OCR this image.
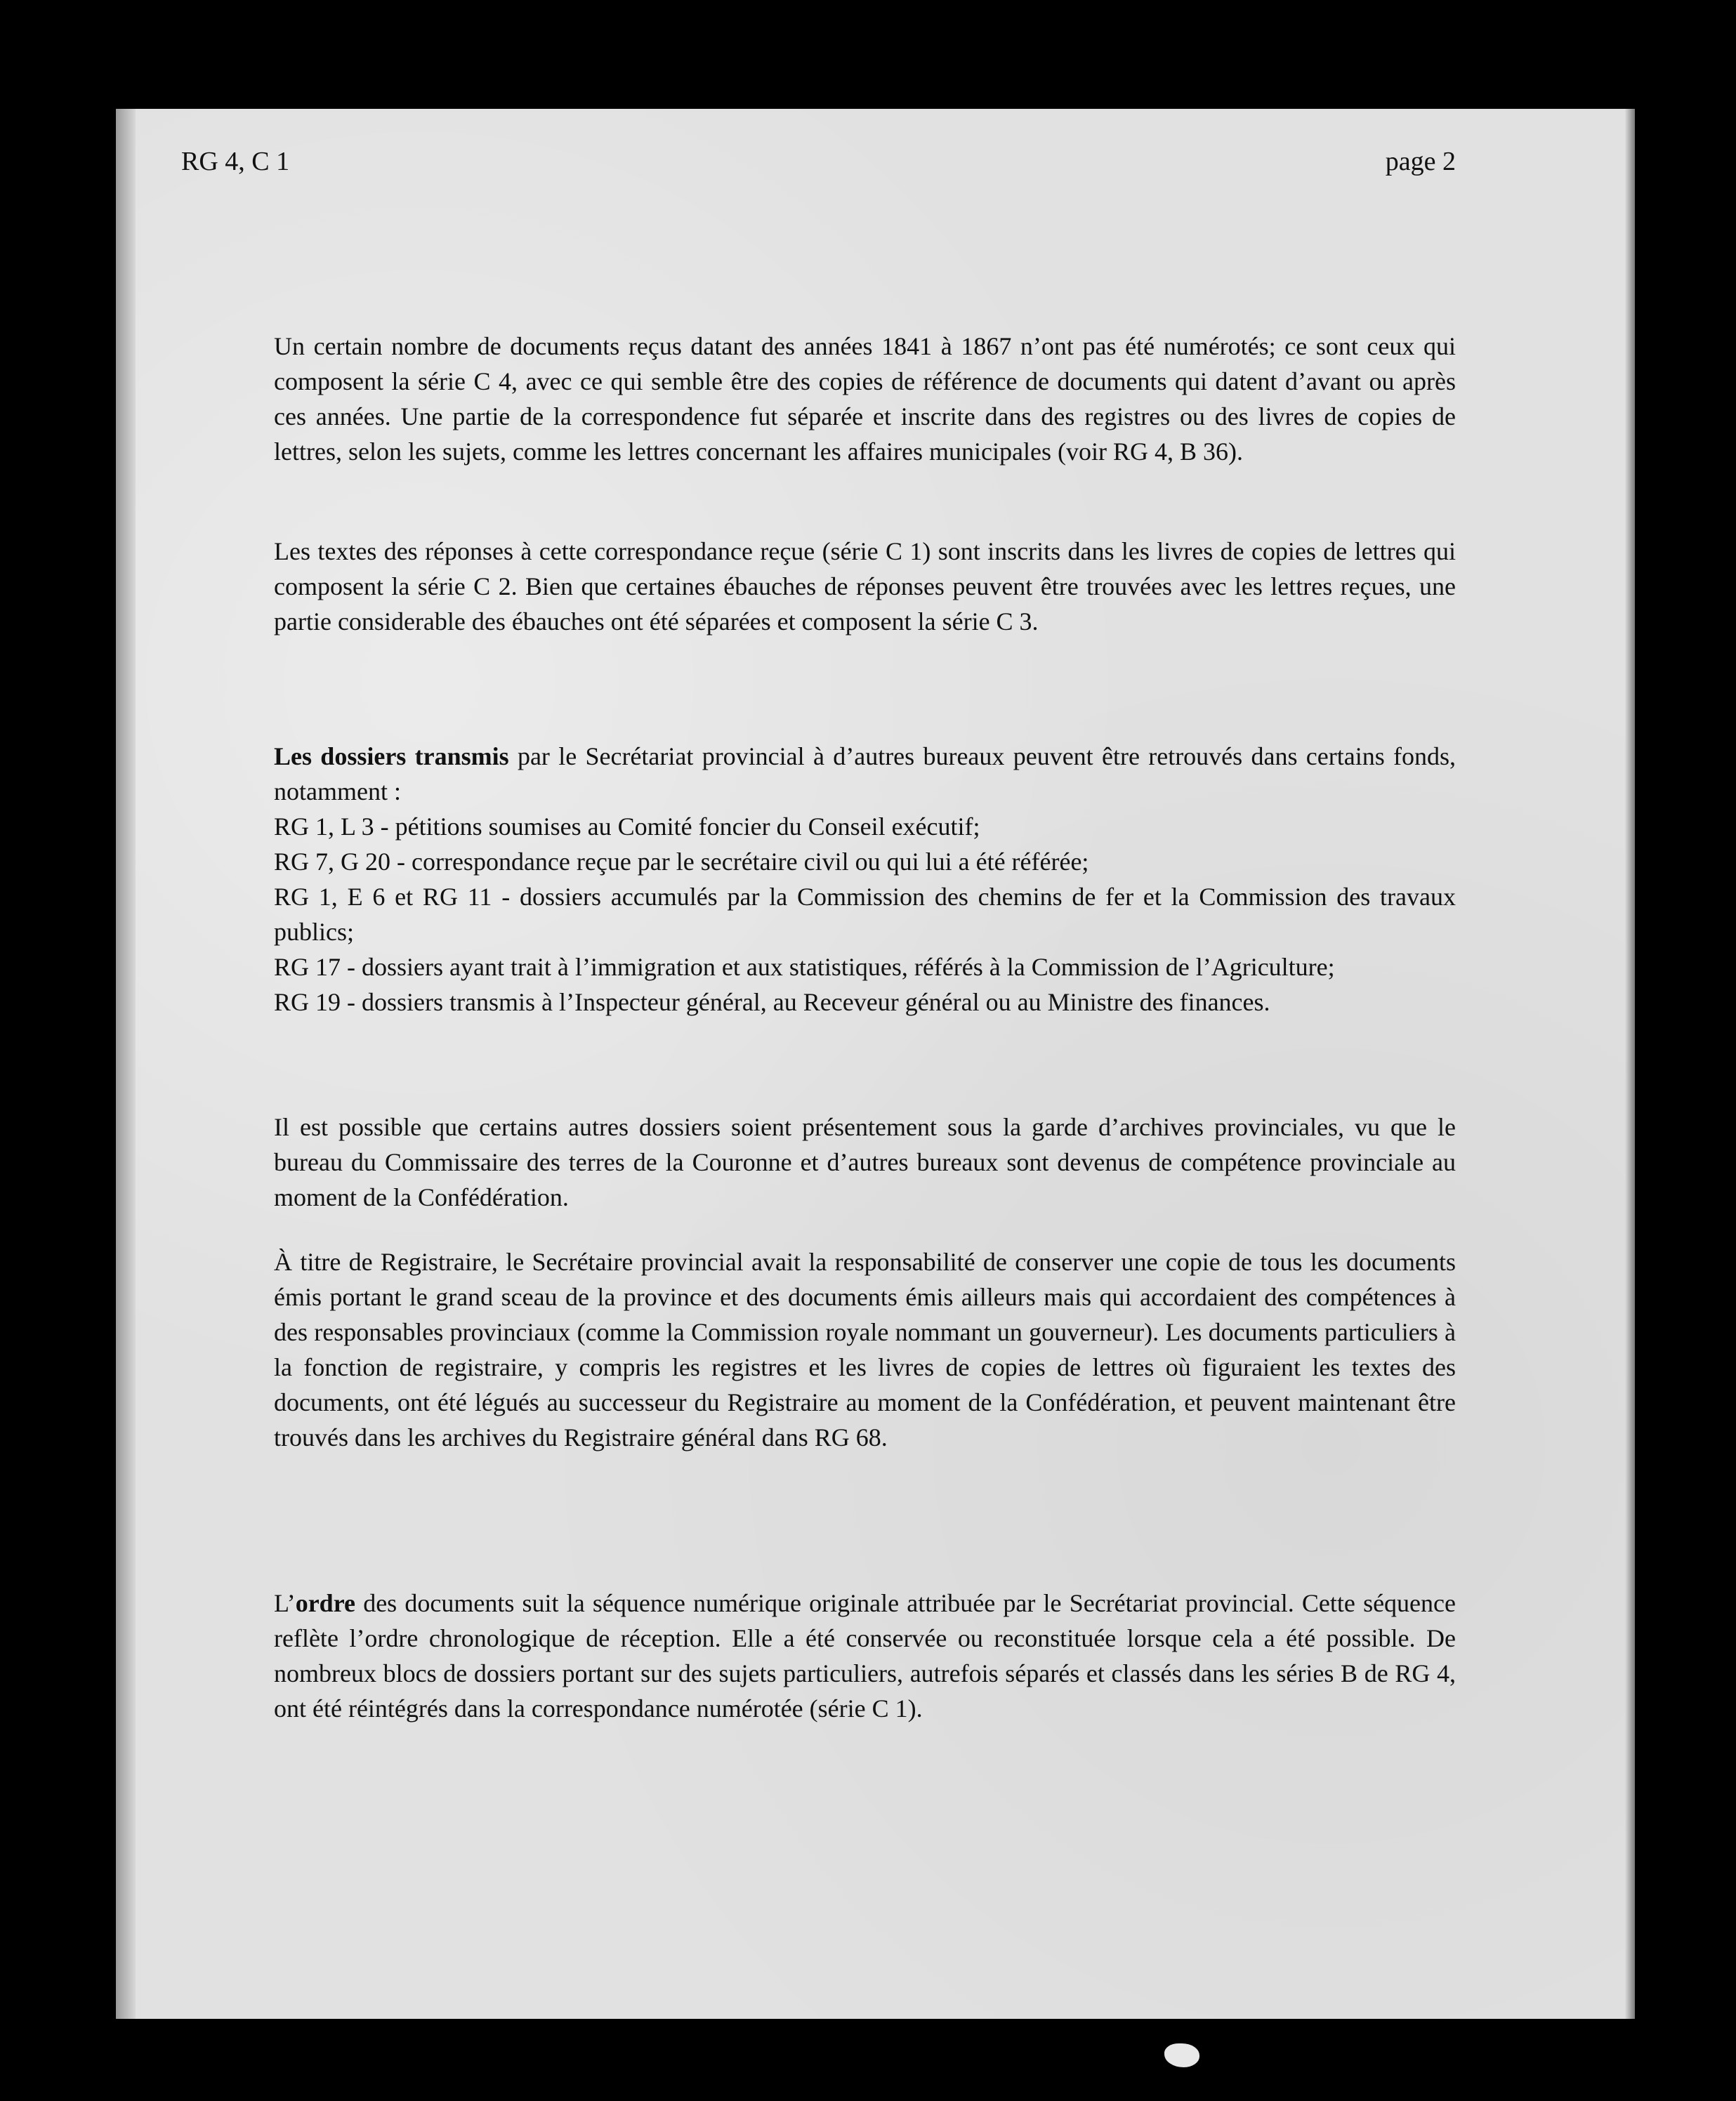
RG 4, C 1	page 2

Un certain nombre de documents reçus datant des années 1841 à 1867 n’ont pas été numérotés; ce sont ceux qui composent la série C 4, avec ce qui semble être des copies de référence de documents qui datent d’avant ou après ces années. Une partie de la correspondence fut séparée et inscrite dans des registres ou des livres de copies de lettres, selon les sujets, comme les lettres concernant les affaires municipales (voir RG 4, B 36).

Les textes des réponses à cette correspondance reçue (série C 1) sont inscrits dans les livres de copies de lettres qui composent la série C 2. Bien que certaines ébauches de réponses peuvent être trouvées avec les lettres reçues, une partie considerable des ébauches ont été séparées et composent la série C 3.

Les dossiers transmis par le Secrétariat provincial à d’autres bureaux peuvent être retrouvés dans certains fonds, notamment :
RG 1, L 3 - pétitions soumises au Comité foncier du Conseil exécutif;
RG 7, G 20 - correspondance reçue par le secrétaire civil ou qui lui a été référée;
RG 1, E 6 et RG 11 - dossiers accumulés par la Commission des chemins de fer et la Commission des travaux publics;
RG 17 - dossiers ayant trait à l’immigration et aux statistiques, référés à la Commission de l’Agriculture;
RG 19 - dossiers transmis à l’Inspecteur général, au Receveur général ou au Ministre des finances.

Il est possible que certains autres dossiers soient présentement sous la garde d’archives provinciales, vu que le bureau du Commissaire des terres de la Couronne et d’autres bureaux sont devenus de compétence provinciale au moment de la Confédération.

À titre de Registraire, le Secrétaire provincial avait la responsabilité de conserver une copie de tous les documents émis portant le grand sceau de la province et des documents émis ailleurs mais qui accordaient des compétences à des responsables provinciaux (comme la Commission royale nommant un gouverneur). Les documents particuliers à la fonction de registraire, y compris les registres et les livres de copies de lettres où figuraient les textes des documents, ont été légués au successeur du Registraire au moment de la Confédération, et peuvent maintenant être trouvés dans les archives du Registraire général dans RG 68.

L’ordre des documents suit la séquence numérique originale attribuée par le Secrétariat provincial. Cette séquence reflète l’ordre chronologique de réception. Elle a été conservée ou reconstituée lorsque cela a été possible. De nombreux blocs de dossiers portant sur des sujets particuliers, autrefois séparés et classés dans les séries B de RG 4, ont été réintégrés dans la correspondance numérotée (série C 1).
